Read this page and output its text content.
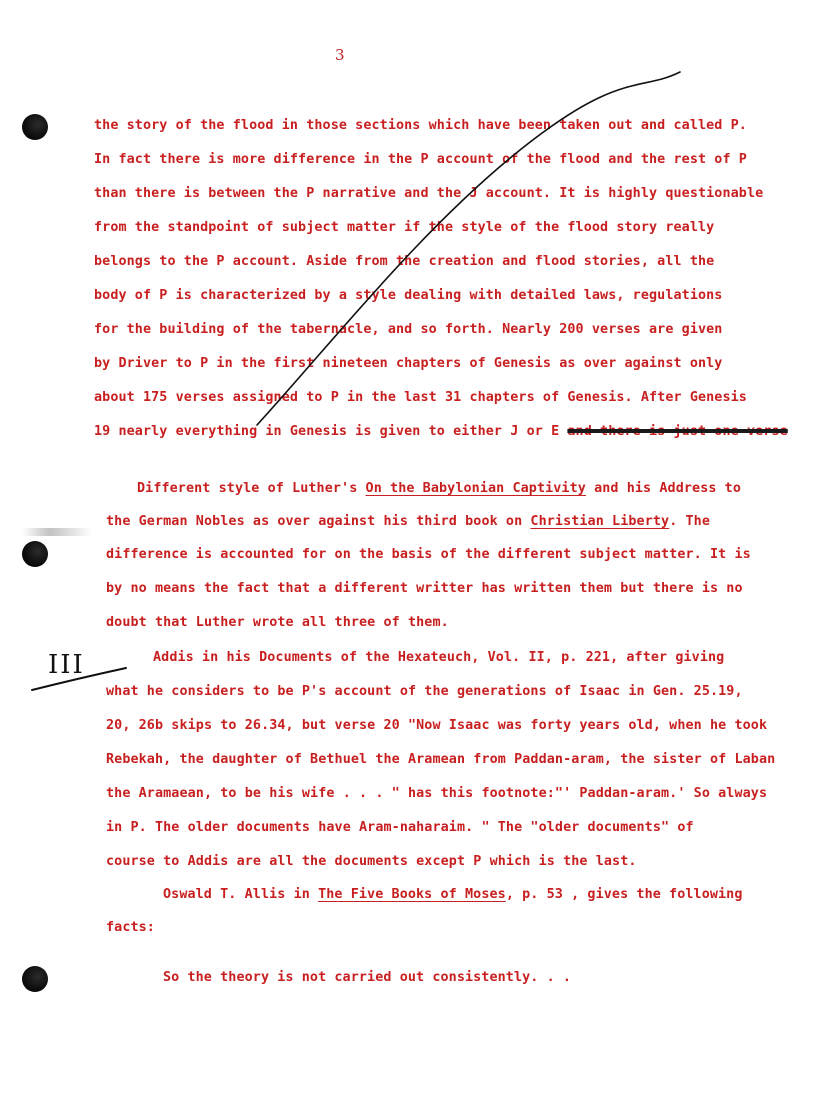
3
the story of the flood in those sections which have been taken out and called P.
In fact there is more difference in the P account of the flood and the rest of P
than there is between the P narrative and the J account. It is highly questionable
from the standpoint of subject matter if the style of the flood story really
belongs to the P account. Aside from the creation and flood stories, all the
body of P is characterized by a style dealing with detailed laws, regulations
for the building of the tabernacle, and so forth. Nearly 200 verses are given
by Driver to P in the first nineteen chapters of Genesis as over against only
about 175 verses assigned to P in the last 31 chapters of Genesis. After Genesis
19 nearly everything in Genesis is given to either J or E and there is just one verse
Different style of Luther's On the Babylonian Captivity and his Address to
the German Nobles as over against his third book on Christian Liberty. The
difference is accounted for on the basis of the different subject matter. It is
by no means the fact that a different writter has written them but there is no
doubt that Luther wrote all three of them.
III	Addis in his Documents of the Hexateuch, Vol. II, p. 221, after giving
what he considers to be P's account of the generations of Isaac in Gen. 25.19,
20, 26b skips to 26.34, but verse 20 "Now Isaac was forty years old, when he took
Rebekah, the daughter of Bethuel the Aramean from Paddan-aram, the sister of Laban
the Aramaean, to be his wife . . . " has this footnote:"' Paddan-aram.' So always
in P. The older documents have Aram-naharaim. " The "older documents" of
course to Addis are all the documents except P which is the last.
Oswald T. Allis in The Five Books of Moses, p. 53 , gives the following
facts:
So the theory is not carried out consistently. . .
